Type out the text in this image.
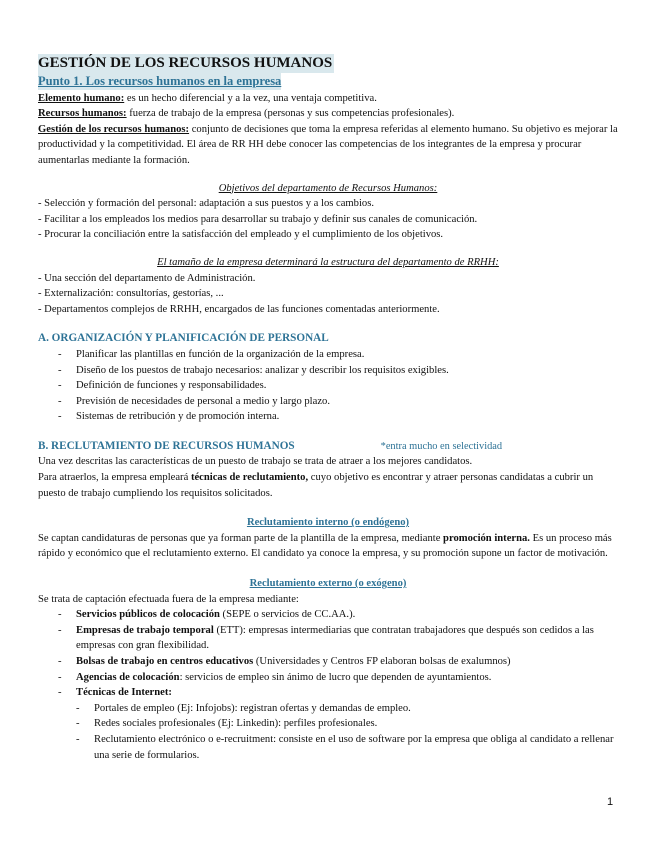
GESTIÓN DE LOS RECURSOS HUMANOS
Punto 1. Los recursos humanos en la empresa

Elemento humano: es un hecho diferencial y a la vez, una ventaja competitiva.

Recursos humanos: fuerza de trabajo de la empresa (personas y sus competencias profesionales).

Gestión de los recursos humanos: conjunto de decisiones que toma la empresa referidas al elemento humano. Su objetivo es mejorar la productividad y la competitividad. El área de RR HH debe conocer las competencias de los integrantes de la empresa y procurar aumentarlas mediante la formación.

Objetivos del departamento de Recursos Humanos:

- Selección y formación del personal: adaptación a sus puestos y a los cambios.

- Facilitar a los empleados los medios para desarrollar su trabajo y definir sus canales de comunicación.

- Procurar la conciliación entre la satisfacción del empleado y el cumplimiento de los objetivos.

El tamaño de la empresa determinará la estructura del departamento de RRHH:

- Una sección del departamento de Administración.

- Externalización: consultorías, gestorías, ...

- Departamentos complejos de RRHH, encargados de las funciones comentadas anteriormente.

A. ORGANIZACIÓN Y PLANIFICACIÓN DE PERSONAL
- Planificar las plantillas en función de la organización de la empresa.
- Diseño de los puestos de trabajo necesarios: analizar y describir los requisitos exigibles.
- Definición de funciones y responsabilidades.
- Previsión de necesidades de personal a medio y largo plazo.
- Sistemas de retribución y de promoción interna.
B. RECLUTAMIENTO DE RECURSOS HUMANOS	*entra mucho en selectividad

Una vez descritas las características de un puesto de trabajo se trata de atraer a los mejores candidatos.

Para atraerlos, la empresa empleará técnicas de reclutamiento, cuyo objetivo es encontrar y atraer personas candidatas a cubrir un puesto de trabajo cumpliendo los requisitos solicitados.

Reclutamiento interno (o endógeno)

Se captan candidaturas de personas que ya forman parte de la plantilla de la empresa, mediante promoción interna. Es un proceso más rápido y económico que el reclutamiento externo. El candidato ya conoce la empresa, y su promoción supone un factor de motivación.

Reclutamiento externo (o exógeno)

Se trata de captación efectuada fuera de la empresa mediante:

- Servicios públicos de colocación (SEPE o servicios de CC.AA.).
- Empresas de trabajo temporal (ETT): empresas intermediarias que contratan trabajadores que después son cedidos a las empresas con gran flexibilidad.
- Bolsas de trabajo en centros educativos (Universidades y Centros FP elaboran bolsas de exalumnos)
- Agencias de colocación: servicios de empleo sin ánimo de lucro que dependen de ayuntamientos.
- Técnicas de Internet:
- Portales de empleo (Ej: Infojobs): registran ofertas y demandas de empleo.
- Redes sociales profesionales (Ej: Linkedin): perfiles profesionales.
- Reclutamiento electrónico o e-recruitment: consiste en el uso de software por la empresa que obliga al candidato a rellenar una serie de formularios.
1
